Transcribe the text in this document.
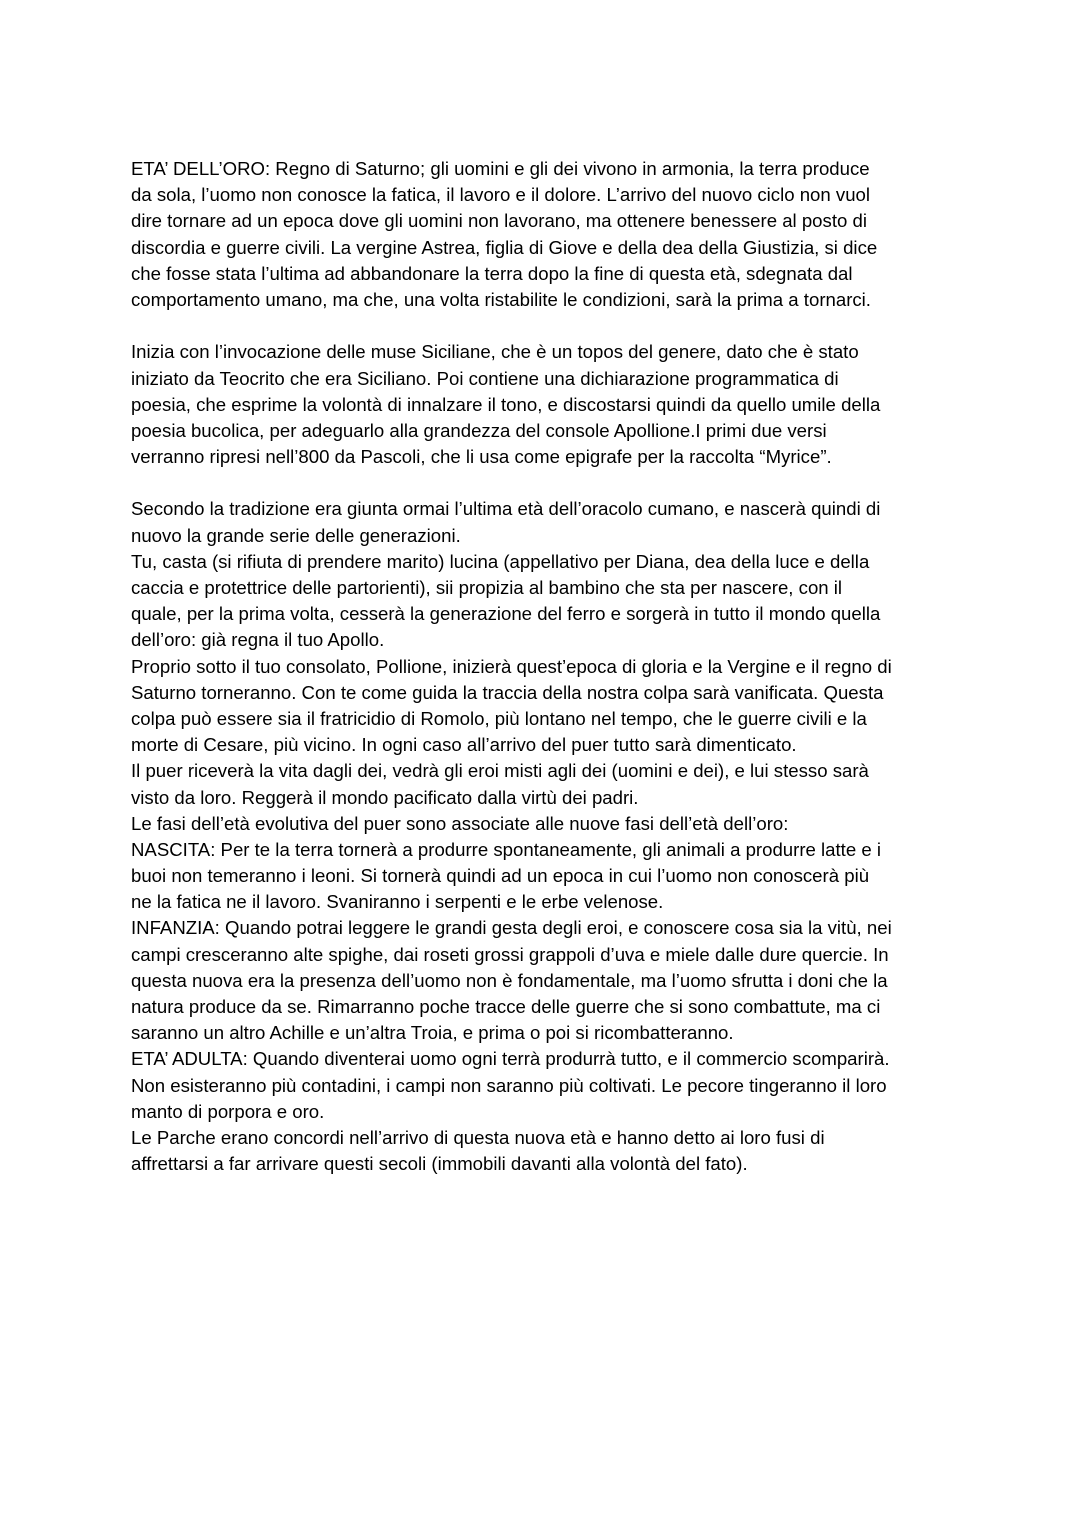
ETA’ DELL’ORO: Regno di Saturno; gli uomini e gli dei vivono in armonia, la terra produce
da sola, l’uomo non conosce la fatica, il lavoro e il dolore. L’arrivo del nuovo ciclo non vuol
dire tornare ad un epoca dove gli uomini non lavorano, ma ottenere benessere al posto di
discordia e guerre civili. La vergine Astrea, figlia di Giove e della dea della Giustizia, si dice
che fosse stata l’ultima ad abbandonare la terra dopo la fine di questa età, sdegnata dal
comportamento umano, ma che, una volta ristabilite le condizioni, sarà la prima a tornarci.
Inizia con l’invocazione delle muse Siciliane, che è un topos del genere, dato che è stato
iniziato da Teocrito che era Siciliano. Poi contiene una dichiarazione programmatica di
poesia, che esprime la volontà di innalzare il tono, e discostarsi quindi da quello umile della
poesia bucolica, per adeguarlo alla grandezza del console Apollione.I primi due versi
verranno ripresi nell’800 da Pascoli, che li usa come epigrafe per la raccolta “Myrice”.
Secondo la tradizione era giunta ormai l’ultima età dell’oracolo cumano, e nascerà quindi di
nuovo la grande serie delle generazioni.
Tu, casta (si rifiuta di prendere marito) lucina (appellativo per Diana, dea della luce e della
caccia e protettrice delle partorienti), sii propizia al bambino che sta per nascere, con il
quale, per la prima volta, cesserà la generazione del ferro e sorgerà in tutto il mondo quella
dell’oro: già regna il tuo Apollo.
Proprio sotto il tuo consolato, Pollione, inizierà quest’epoca di gloria e la Vergine e il regno di
Saturno torneranno. Con te come guida la traccia della nostra colpa sarà vanificata. Questa
colpa può essere sia il fratricidio di Romolo, più lontano nel tempo, che le guerre civili e la
morte di Cesare, più vicino. In ogni caso all’arrivo del puer tutto sarà dimenticato.
Il puer riceverà la vita dagli dei, vedrà gli eroi misti agli dei (uomini e dei), e lui stesso sarà
visto da loro. Reggerà il mondo pacificato dalla virtù dei padri.
Le fasi dell’età evolutiva del puer sono associate alle nuove fasi dell’età dell’oro:
NASCITA: Per te la terra tornerà a produrre spontaneamente, gli animali a produrre latte e i
buoi non temeranno i leoni. Si tornerà quindi ad un epoca in cui l’uomo non conoscerà più
ne la fatica ne il lavoro. Svaniranno i serpenti e le erbe velenose.
INFANZIA: Quando potrai leggere le grandi gesta degli eroi, e conoscere cosa sia la vitù, nei
campi cresceranno alte spighe, dai roseti grossi grappoli d’uva e miele dalle dure quercie. In
questa nuova era la presenza dell’uomo non è fondamentale, ma l’uomo sfrutta i doni che la
natura produce da se. Rimarranno poche tracce delle guerre che si sono combattute, ma ci
saranno un altro Achille e un’altra Troia, e prima o poi si ricombatteranno.
ETA’ ADULTA: Quando diventerai uomo ogni terrà produrrà tutto, e il commercio scomparirà.
Non esisteranno più contadini, i campi non saranno più coltivati. Le pecore tingeranno il loro
manto di porpora e oro.
Le Parche erano concordi nell’arrivo di questa nuova età e hanno detto ai loro fusi di
affrettarsi a far arrivare questi secoli (immobili davanti alla volontà del fato).
